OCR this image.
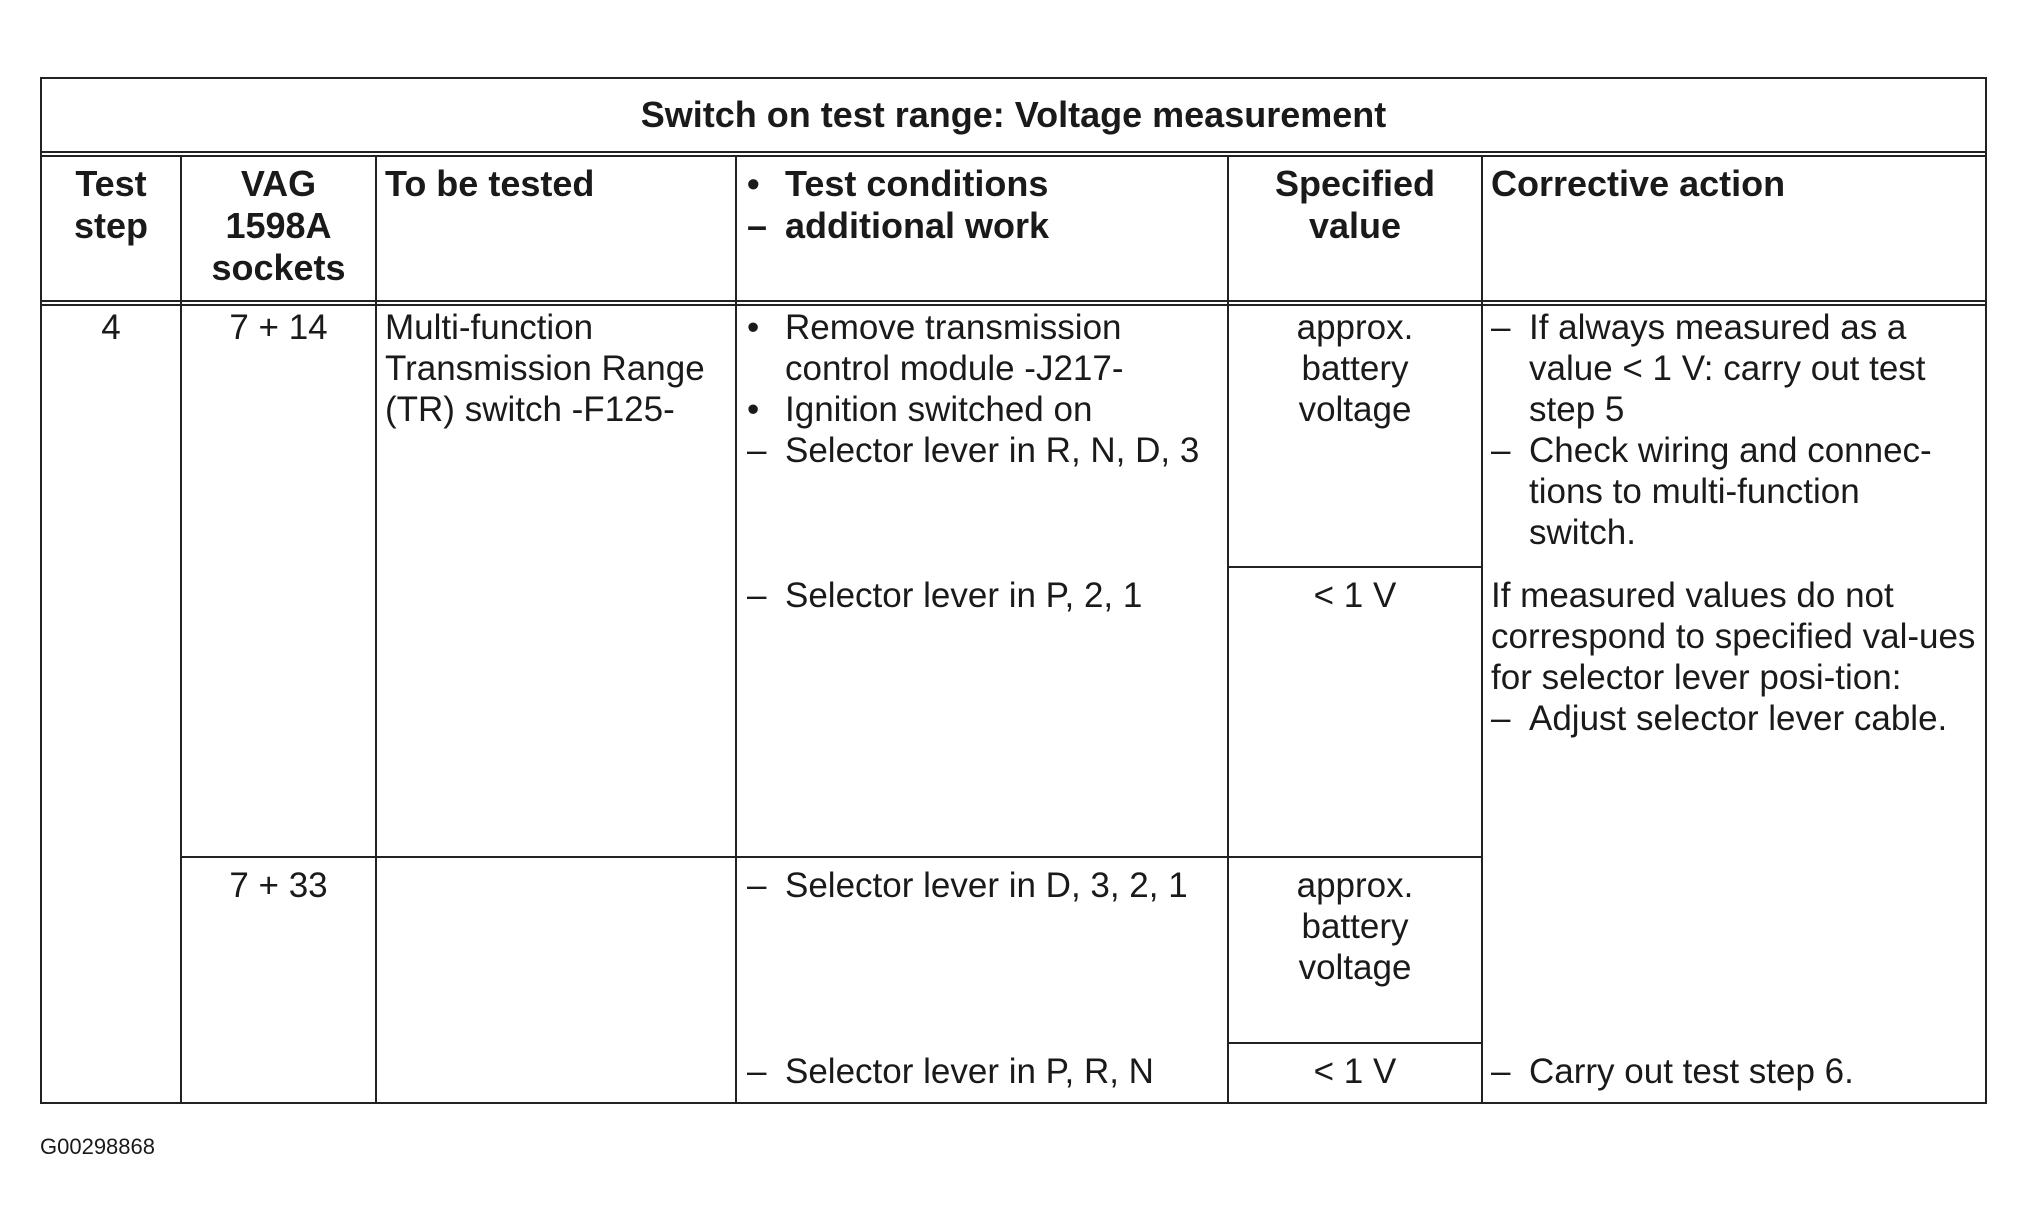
Switch on test range: Voltage measurement
Test
step
VAG
1598A
sockets
To be tested	• Test conditions
– additional work
Specified
value
Corrective action
4	7 + 14
7 + 33
Multi-function
Transmission Range
(TR) switch -F125-
• Remove transmission control module -J217-
• Ignition switched on
– Selector lever in R, N, D, 3
– Selector lever in P, 2, 1
– Selector lever in D, 3, 2, 1
– Selector lever in P, R, N
approx.
battery
voltage
< 1 V
approx.
battery
voltage
< 1 V
– If always measured as a value < 1 V: carry out test step 5
– Check wiring and connec-tions to multi-function switch.
If measured values do not correspond to specified val-ues for selector lever posi-tion:
– Adjust selector lever cable.
– Carry out test step 6.
G00298868
